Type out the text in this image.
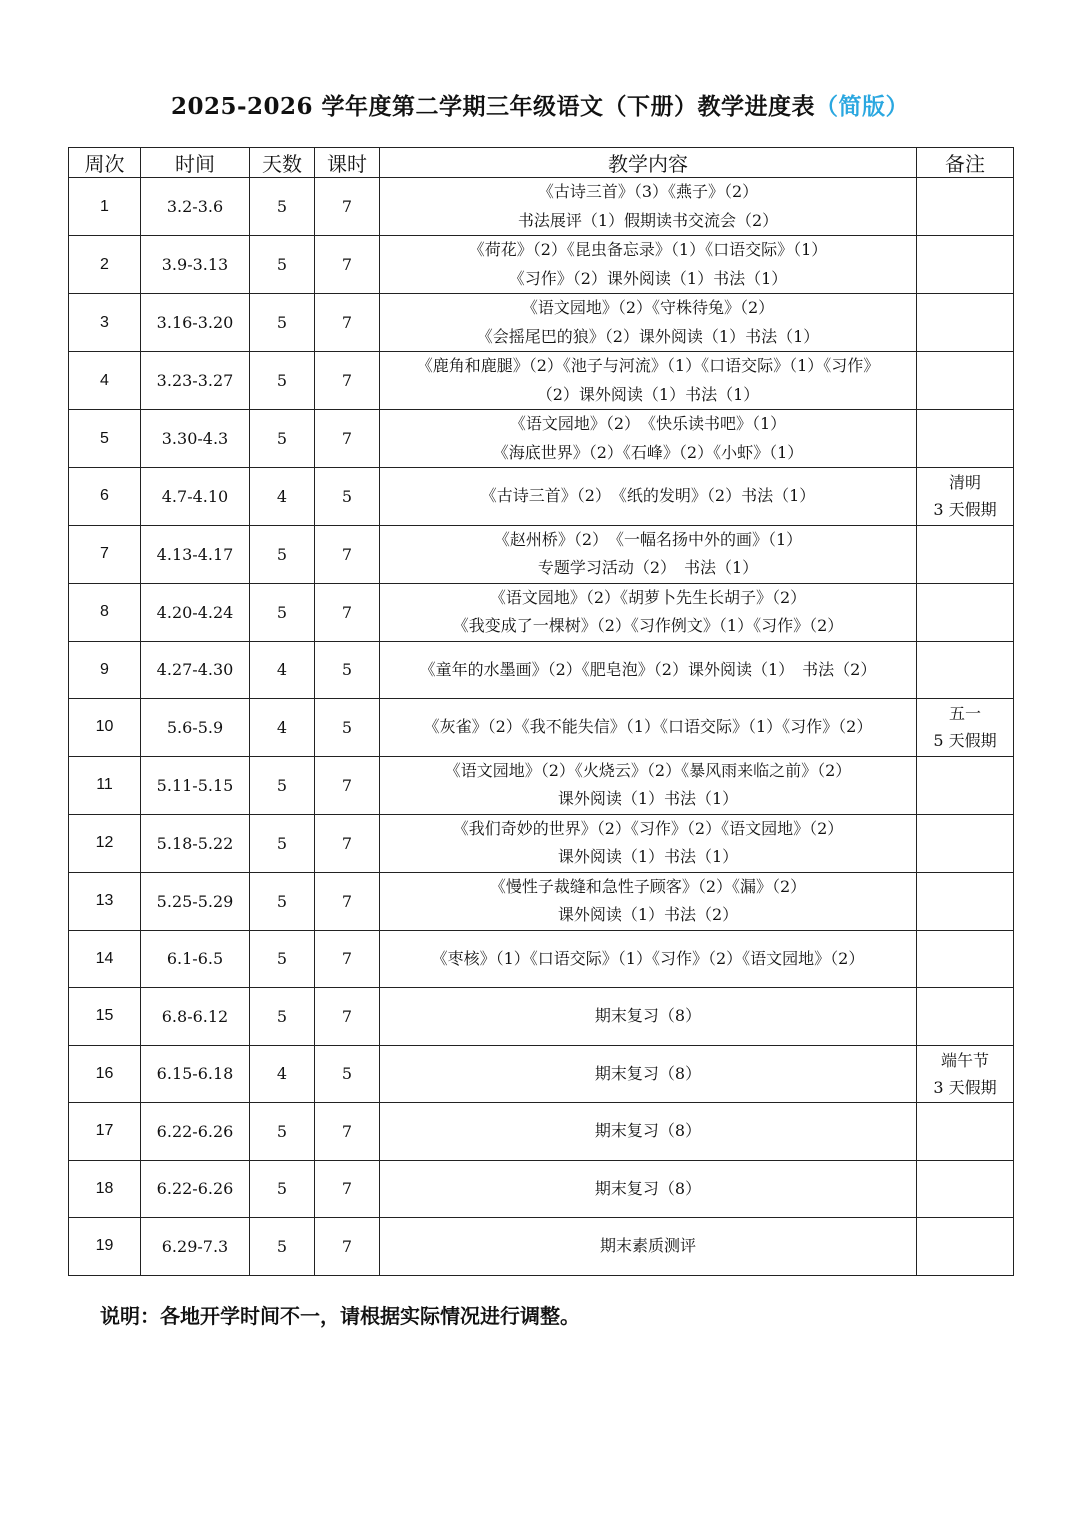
2025-2026 学年度第二学期三年级语文（下册）教学进度表（简版）
周次	时间	天数	课时	教学内容	备注
1	3.2-3.6	5	7	《古诗三首》（3）《燕子》（2）
书法展评（1）假期读书交流会（2）	

2	3.9-3.13	5	7	《荷花》（2）《昆虫备忘录》（1）《口语交际》（1）
《习作》（2）课外阅读（1）书法（1）	

3	3.16-3.20	5	7	《语文园地》（2）《守株待兔》（2）
《会摇尾巴的狼》（2）课外阅读（1）书法（1）	

4	3.23-3.27	5	7	《鹿角和鹿腿》（2）《池子与河流》（1）《口语交际》（1）《习作》
（2）课外阅读（1）书法（1）	

5	3.30-4.3	5	7	《语文园地》（2）　《快乐读书吧》（1）
《海底世界》（2）《石峰》（2）《小虾》（1）	

6	4.7-4.10	4	5	《古诗三首》（2）　《纸的发明》（2）书法（1）	清明
3 天假期

7	4.13-4.17	5	7	《赵州桥》（2）　《一幅名扬中外的画》（1）
专题学习活动（2）　书法（1）	

8	4.20-4.24	5	7	《语文园地》（2）《胡萝卜先生长胡子》（2）
《我变成了一棵树》（2）《习作例文》（1）《习作》（2）	

9	4.27-4.30	4	5	《童年的水墨画》（2）《肥皂泡》（2）课外阅读（1）　书法（2）	

10	5.6-5.9	4	5	《灰雀》（2）《我不能失信》（1）《口语交际》（1）《习作》（2）	五一
5 天假期

11	5.11-5.15	5	7	《语文园地》（2）《火烧云》（2）《暴风雨来临之前》（2）
课外阅读（1）书法（1）	

12	5.18-5.22	5	7	《我们奇妙的世界》（2）《习作》（2）《语文园地》（2）
课外阅读（1）书法（1）	

13	5.25-5.29	5	7	《慢性子裁缝和急性子顾客》（2）《漏》（2）
课外阅读（1）书法（2）	

14	6.1-6.5	5	7	《枣核》（1）《口语交际》（1）《习作》（2）《语文园地》（2）	

15	6.8-6.12	5	7	期末复习（8）	

16	6.15-6.18	4	5	期末复习（8）	端午节
3 天假期

17	6.22-6.26	5	7	期末复习（8）	

18	6.22-6.26	5	7	期末复习（8）	

19	6.29-7.3	5	7	期末素质测评	

说明：各地开学时间不一，请根据实际情况进行调整。
